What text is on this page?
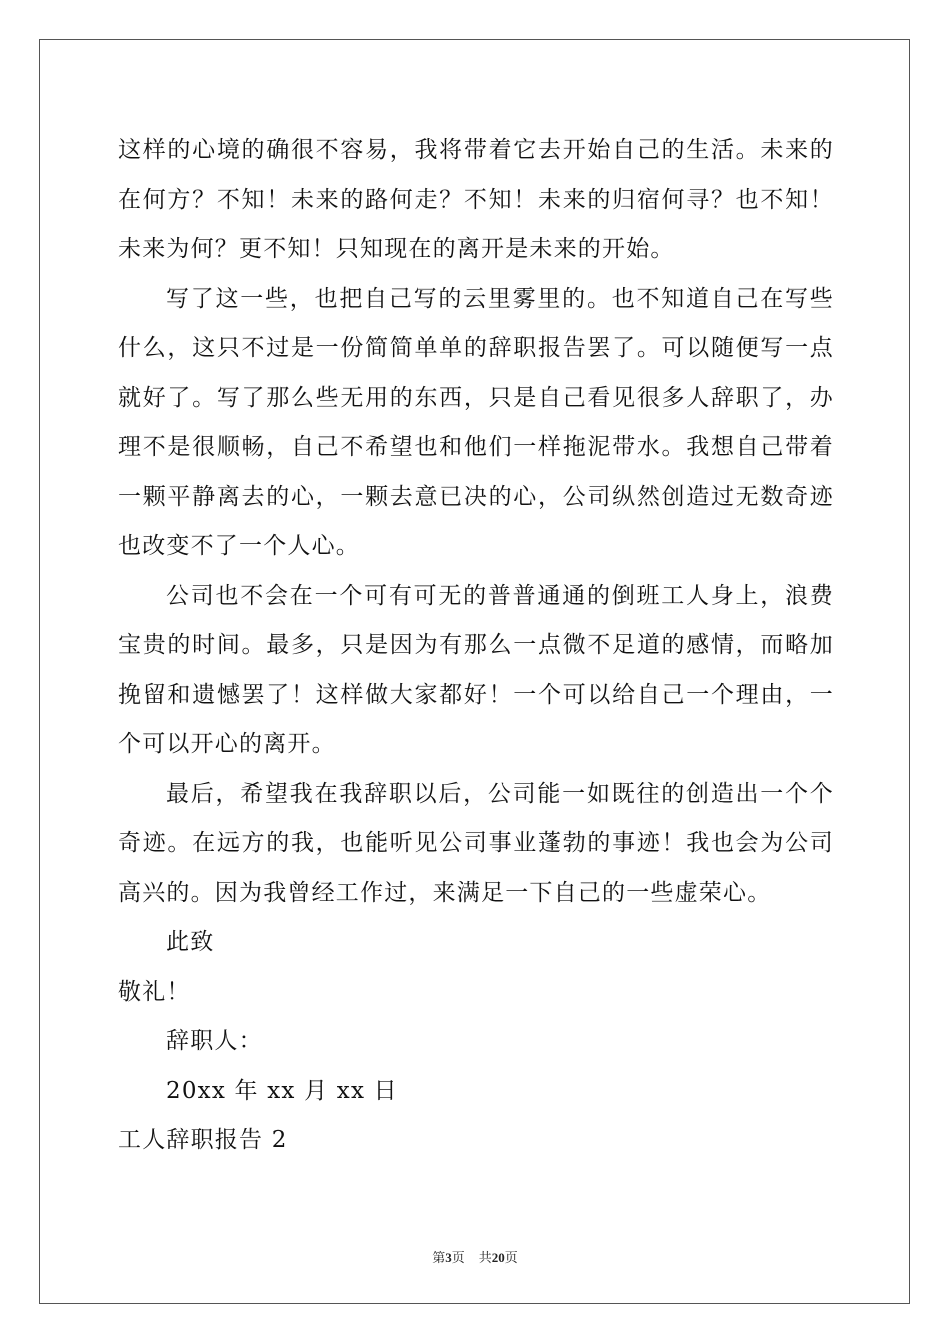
这样的心境的确很不容易，我将带着它去开始自己的生活。未来的在何方？不知！未来的路何走？不知！未来的归宿何寻？也不知！未来为何？更不知！只知现在的离开是未来的开始。

写了这一些，也把自己写的云里雾里的。也不知道自己在写些什么，这只不过是一份简简单单的辞职报告罢了。可以随便写一点就好了。写了那么些无用的东西，只是自己看见很多人辞职了，办理不是很顺畅，自己不希望也和他们一样拖泥带水。我想自己带着一颗平静离去的心，一颗去意已决的心，公司纵然创造过无数奇迹也改变不了一个人心。

公司也不会在一个可有可无的普普通通的倒班工人身上，浪费宝贵的时间。最多，只是因为有那么一点微不足道的感情，而略加挽留和遗憾罢了！这样做大家都好！一个可以给自己一个理由，一个可以开心的离开。

最后，希望我在我辞职以后，公司能一如既往的创造出一个个奇迹。在远方的我，也能听见公司事业蓬勃的事迹！我也会为公司高兴的。因为我曾经工作过，来满足一下自己的一些虚荣心。

此致

敬礼！

辞职人：

20xx 年 xx 月 xx 日

工人辞职报告 2

第3页 共20页
